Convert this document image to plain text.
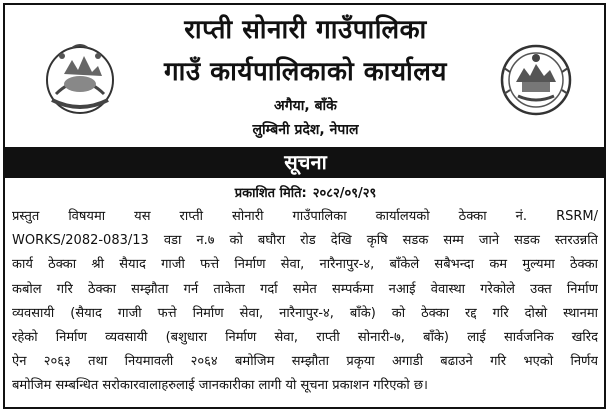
राप्ती सोनारी गाउँपालिका
गाउँ कार्यपालिकाको कार्यालय
अगैया, बाँके
लुम्बिनी प्रदेश, नेपाल
सूचना
प्रकाशित मिति: २०८२/०९/२९
प्रस्तुत विषयमा यस राप्ती सोनारी गाउँपालिका कार्यालयको ठेक्का नं. RSRM/
WORKS/2082-083/13 वडा न.७ को बघौरा रोड देखि कृषि सडक सम्म जाने सडक स्तरउन्नति
कार्य ठेक्का श्री सैयाद गाजी फत्ते निर्माण सेवा, नारैनापुर-४, बाँकेले सबैभन्दा कम मुल्यमा ठेक्का
कबोल गरि ठेक्का सम्झौता गर्न ताकेता गर्दा समेत सम्पर्कमा नआई वेवास्था गरेकोले उक्त निर्माण
व्यवसायी (सैयाद गाजी फत्ते निर्माण सेवा, नारैनापुर-४, बाँके) को ठेक्का रद्द गरि दोस्रो स्थानमा
रहेको निर्माण व्यवसायी (बशुधारा निर्माण सेवा, राप्ती सोनारी-७, बाँके) लाई सार्वजनिक खरिद
ऐन २०६३ तथा नियमावली २०६४ बमोजिम सम्झौता प्रकृया अगाडी बढाउने गरि भएको निर्णय
बमोजिम सम्बन्धित सरोकारवालाहरुलाई जानकारीका लागी यो सूचना प्रकाशन गरिएको छ।
